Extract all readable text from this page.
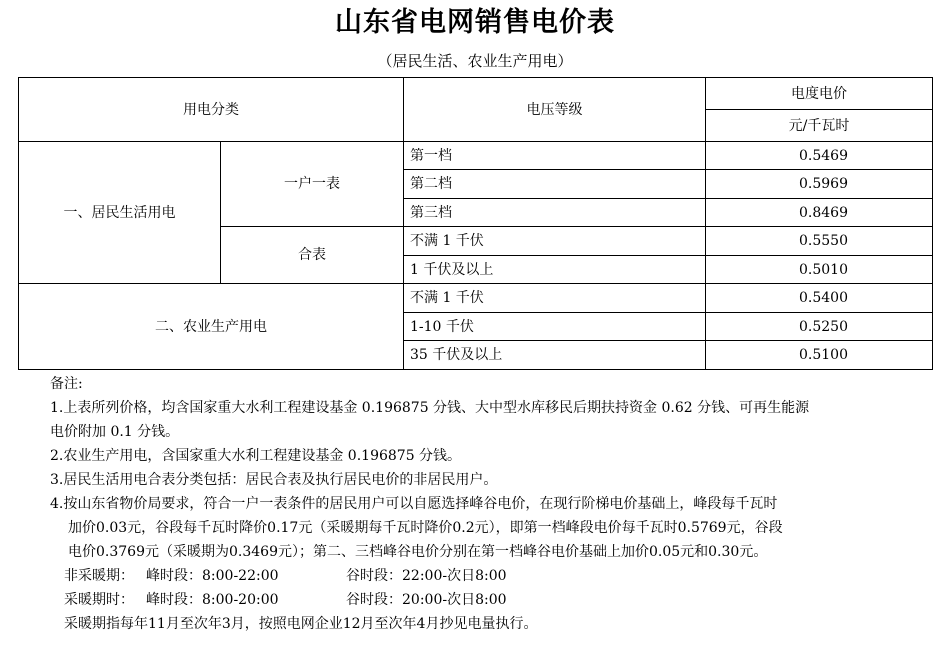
山东省电网销售电价表
（居民生活、农业生产用电）
用电分类		电压等级	电度电价
			元/千瓦时
一、居民生活用电	一户一表	第一档	0.5469
		第二档	0.5969
		第三档	0.8469
	合表	不满 1 千伏	0.5550
		1 千伏及以上	0.5010
二、农业生产用电		不满 1 千伏	0.5400
		1-10 千伏	0.5250
		35 千伏及以上	0.5100

备注:

1.上表所列价格，均含国家重大水利工程建设基金 0.196875 分钱、大中型水库移民后期扶持资金 0.62 分钱、可再生能源

电价附加 0.1 分钱。

2.农业生产用电，含国家重大水利工程建设基金 0.196875 分钱。

3.居民生活用电合表分类包括：居民合表及执行居民电价的非居民用户。

4.按山东省物价局要求，符合一户一表条件的居民用户可以自愿选择峰谷电价，在现行阶梯电价基础上，峰段每千瓦时

加价0.03元，谷段每千瓦时降价0.17元（采暖期每千瓦时降价0.2元），即第一档峰段电价每千瓦时0.5769元，谷段

电价0.3769元（采暖期为0.3469元）；第二、三档峰谷电价分别在第一档峰谷电价基础上加价0.05元和0.30元。

非采暖期： 峰时段：8:00-22:00	谷时段：22:00-次日8:00
采暖期时： 峰时段：8:00-20:00	谷时段：20:00-次日8:00

采暖期指每年11月至次年3月，按照电网企业12月至次年4月抄见电量执行。
